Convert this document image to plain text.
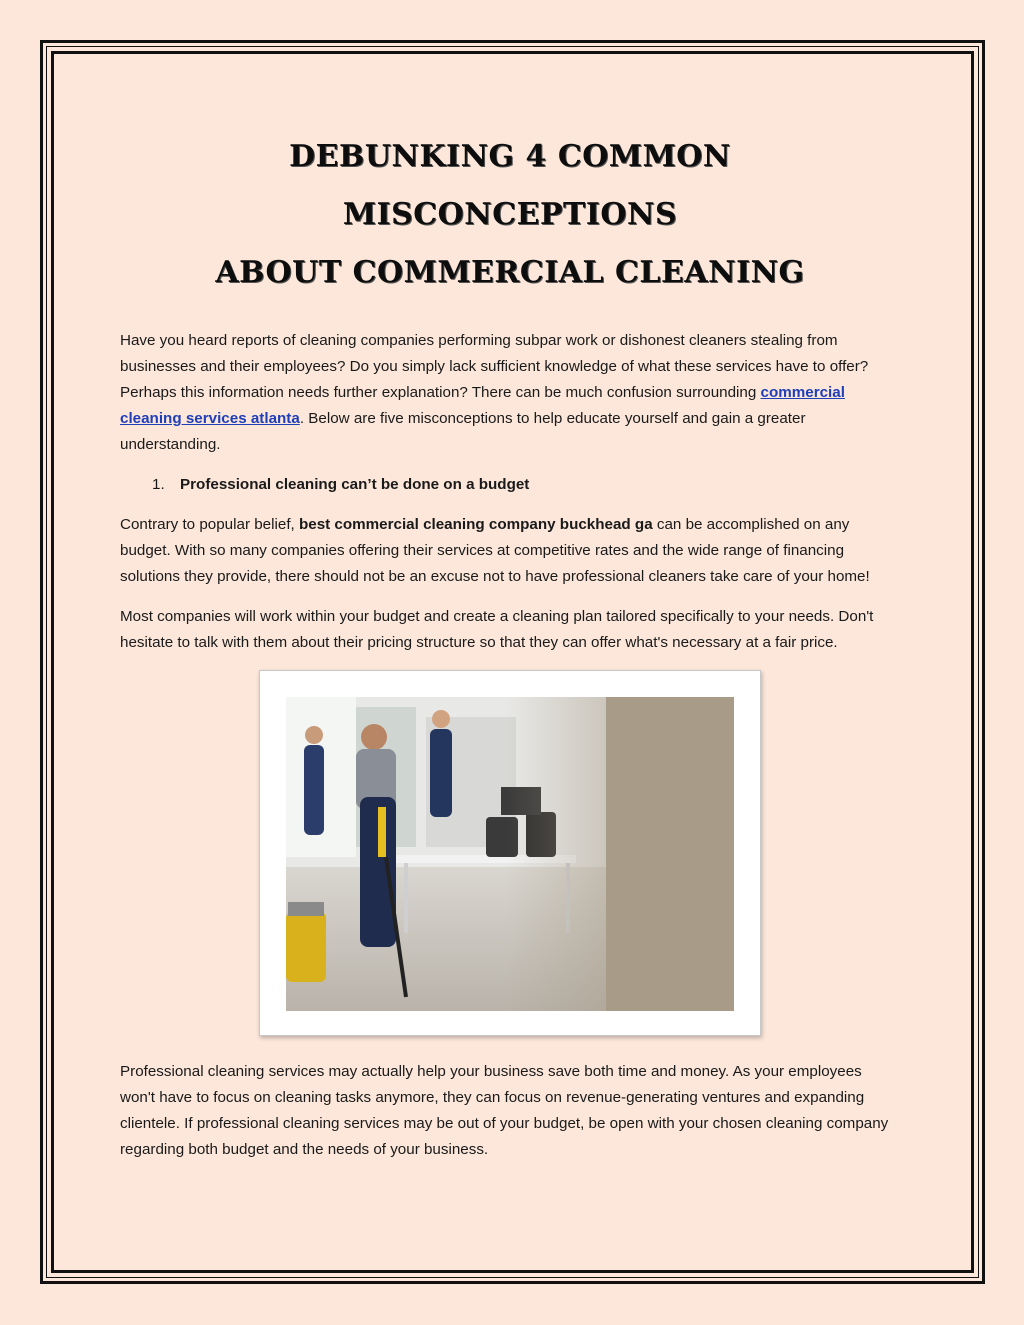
DEBUNKING 4 COMMON MISCONCEPTIONS
ABOUT COMMERCIAL CLEANING

Have you heard reports of cleaning companies performing subpar work or dishonest cleaners stealing from businesses and their employees? Do you simply lack sufficient knowledge of what these services have to offer? Perhaps this information needs further explanation? There can be much confusion surrounding commercial cleaning services atlanta. Below are five misconceptions to help educate yourself and gain a greater understanding.

1. Professional cleaning can’t be done on a budget

Contrary to popular belief, best commercial cleaning company buckhead ga can be accomplished on any budget. With so many companies offering their services at competitive rates and the wide range of financing solutions they provide, there should not be an excuse not to have professional cleaners take care of your home!

Most companies will work within your budget and create a cleaning plan tailored specifically to your needs. Don't hesitate to talk with them about their pricing structure so that they can offer what's necessary at a fair price.

Professional cleaning services may actually help your business save both time and money. As your employees won't have to focus on cleaning tasks anymore, they can focus on revenue-generating ventures and expanding clientele. If professional cleaning services may be out of your budget, be open with your chosen cleaning company regarding both budget and the needs of your business.
